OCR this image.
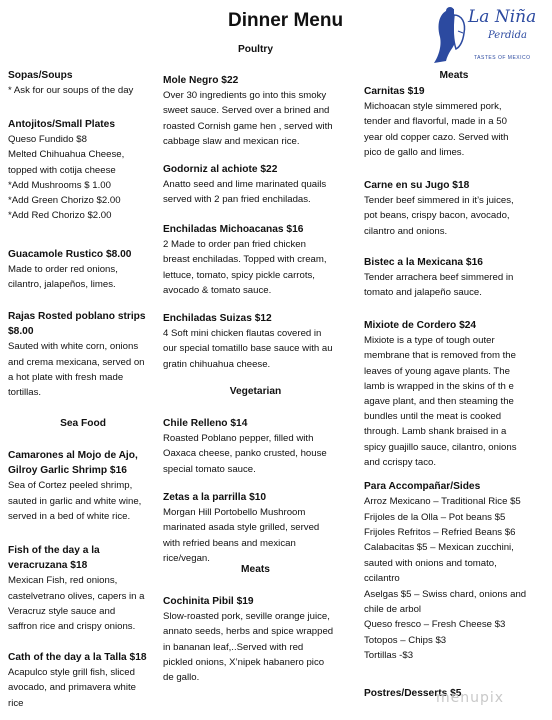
Dinner Menu	La Niña
Perdida
TASTES OF MEXICO
Sopas/Soups
* Ask for our soups of the day
Antojitos/Small Plates
Queso Fundido $8
Melted Chihuahua Cheese,
topped with cotija cheese
*Add Mushrooms $ 1.00
*Add Green Chorizo $2.00
*Add Red Chorizo $2.00
Guacamole Rustico $8.00
Made to order red onions,
cilantro, jalapeños, limes.
Rajas Rosted poblano strips
$8.00
Sauted with white corn, onions
and crema mexicana, served on
a hot plate with fresh made
tortillas.
Sea Food
Camarones al Mojo de Ajo,
Gilroy Garlic Shrimp $16
Sea of Cortez peeled shrimp,
sauted in garlic and white wine,
served in a bed of white rice.
Fish of the day a la
veracruzana $18
Mexican Fish, red onions,
castelvetrano olives, capers in a
Veracruz style sauce and
saffron rice and crispy onions.
Cath of the day a la Talla $18
Acapulco style grill fish, sliced
avocado, and primavera white
rice
Poultry
Mole Negro $22
Over 30 ingredients go into this smoky
sweet sauce. Served over a brined and
roasted Cornish game hen , served with
cabbage slaw and mexican rice.
Godorniz al achiote $22
Anatto seed and lime marinated quails
served with 2 pan fried enchiladas.
Enchiladas Michoacanas $16
2 Made to order pan fried chicken
breast enchiladas. Topped with cream,
lettuce, tomato, spicy pickle carrots,
avocado & tomato sauce.
Enchiladas Suizas $12
4 Soft mini chicken flautas covered in
our special tomatillo base sauce with au
gratin chihuahua cheese.
Vegetarian
Chile Relleno $14
Roasted Poblano pepper, filled with
Oaxaca cheese, panko crusted, house
special tomato sauce.
Zetas a la parrilla $10
Morgan Hill Portobello Mushroom
marinated asada style grilled, served
with refried beans and mexican
rice/vegan.
Meats
Cochinita Pibil $19
Slow-roasted pork, seville orange juice,
annato seeds, herbs and spice wrapped
in bananan leaf,..Served with red
pickled onions, X’nipek habanero pico
de gallo.
Meats
Carnitas $19
Michoacan style simmered pork,
tender and flavorful, made in a 50
year old copper cazo. Served with
pico de gallo and limes.
Carne en su Jugo $18
Tender beef simmered in it’s juices,
pot beans, crispy bacon, avocado,
cilantro and onions.
Bistec a la Mexicana $16
Tender arrachera beef simmered in
tomato and jalapeño sauce.
Mixiote de Cordero $24
Mixiote is a type of tough outer
membrane that is removed from the
leaves of young agave plants. The
lamb is wrapped in the skins of th e
agave plant, and then steaming the
bundles until the meat is cooked
through. Lamb shank braised in a
spicy guajillo sauce, cilantro, onions
and ccrispy taco.
Para Accompañar/Sides
Arroz Mexicano – Traditional Rice $5
Frijoles de la Olla – Pot beans $5
Frijoles Refritos – Refried Beans $6
Calabacitas $5 – Mexican zucchini,
sauted with onions and tomato,
ccilantro
Aselgas $5 – Swiss chard, onions and
chile de arbol
Queso fresco – Fresh Cheese $3
Totopos – Chips $3
Tortillas -$3
Postres/Desserts $5
menupix
